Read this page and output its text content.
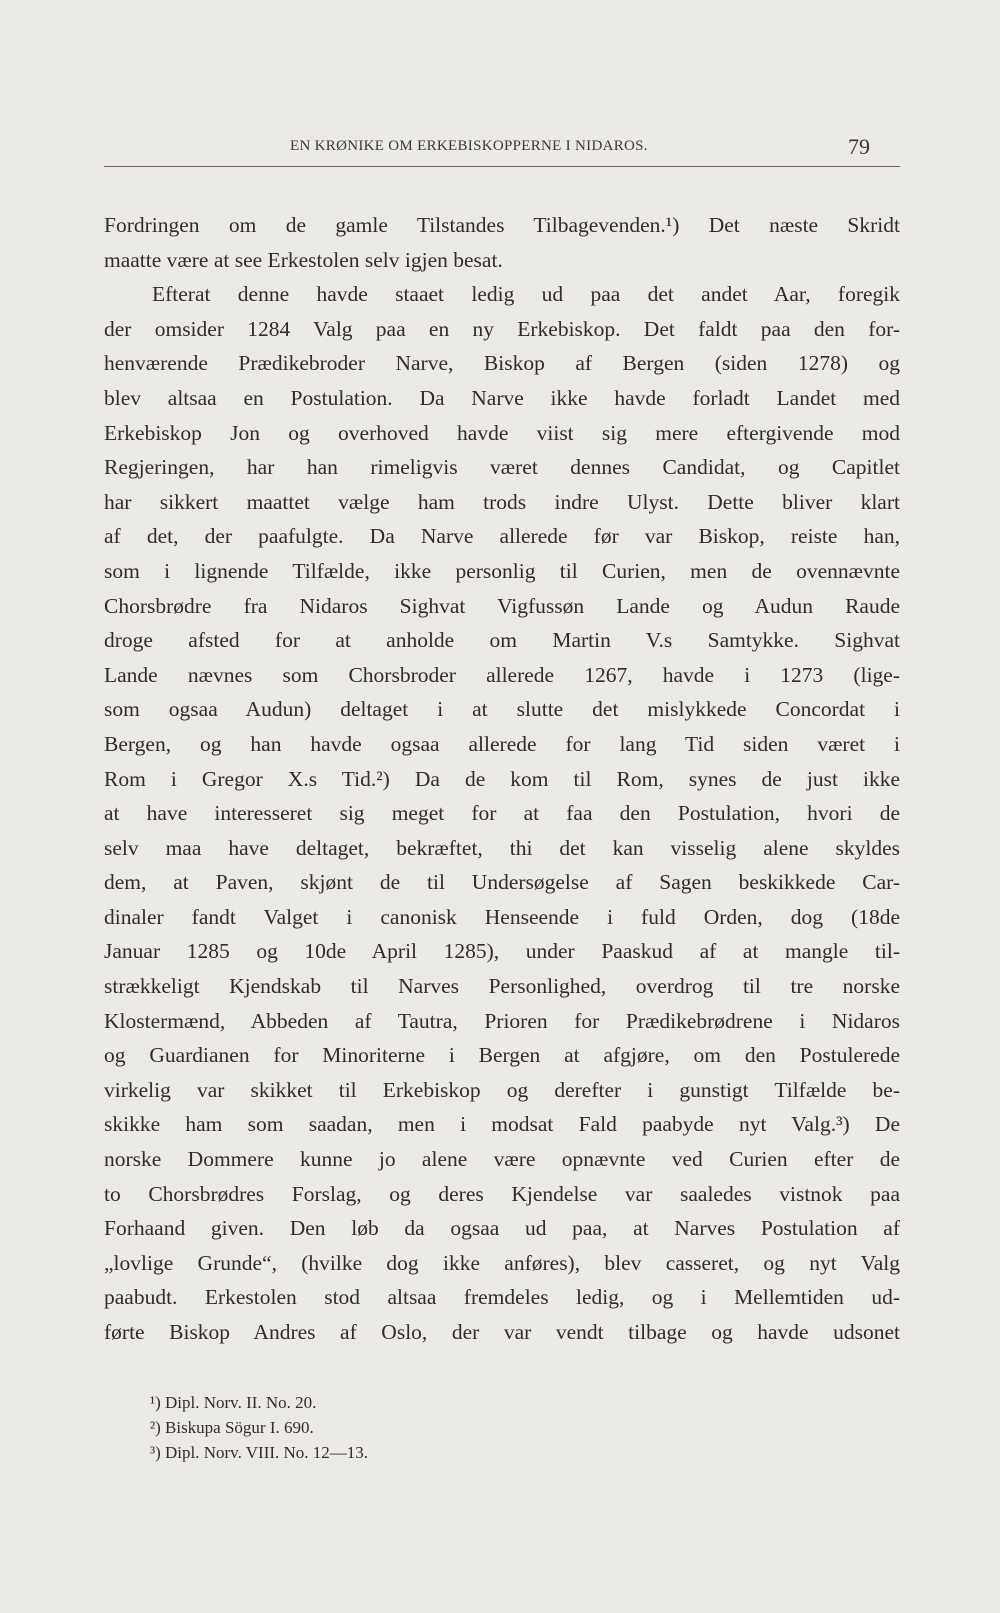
EN KRØNIKE OM ERKEBISKOPPERNE I NIDAROS.	79
Fordringen om de gamle Tilstandes Tilbagevenden.¹) Det næste Skridt
maatte være at see Erkestolen selv igjen besat.
Efterat denne havde staaet ledig ud paa det andet Aar, foregik
der omsider 1284 Valg paa en ny Erkebiskop. Det faldt paa den for-
henværende Prædikebroder Narve, Biskop af Bergen (siden 1278) og
blev altsaa en Postulation. Da Narve ikke havde forladt Landet med
Erkebiskop Jon og overhoved havde viist sig mere eftergivende mod
Regjeringen, har han rimeligvis været dennes Candidat, og Capitlet
har sikkert maattet vælge ham trods indre Ulyst. Dette bliver klart
af det, der paafulgte. Da Narve allerede før var Biskop, reiste han,
som i lignende Tilfælde, ikke personlig til Curien, men de ovennævnte
Chorsbrødre fra Nidaros Sighvat Vigfussøn Lande og Audun Raude
droge afsted for at anholde om Martin V.s Samtykke. Sighvat
Lande nævnes som Chorsbroder allerede 1267, havde i 1273 (lige-
som ogsaa Audun) deltaget i at slutte det mislykkede Concordat i
Bergen, og han havde ogsaa allerede for lang Tid siden været i
Rom i Gregor X.s Tid.²) Da de kom til Rom, synes de just ikke
at have interesseret sig meget for at faa den Postulation, hvori de
selv maa have deltaget, bekræftet, thi det kan visselig alene skyldes
dem, at Paven, skjønt de til Undersøgelse af Sagen beskikkede Car-
dinaler fandt Valget i canonisk Henseende i fuld Orden, dog (18de
Januar 1285 og 10de April 1285), under Paaskud af at mangle til-
strækkeligt Kjendskab til Narves Personlighed, overdrog til tre norske
Klostermænd, Abbeden af Tautra, Prioren for Prædikebrødrene i Nidaros
og Guardianen for Minoriterne i Bergen at afgjøre, om den Postulerede
virkelig var skikket til Erkebiskop og derefter i gunstigt Tilfælde be-
skikke ham som saadan, men i modsat Fald paabyde nyt Valg.³) De
norske Dommere kunne jo alene være opnævnte ved Curien efter de
to Chorsbrødres Forslag, og deres Kjendelse var saaledes vistnok paa
Forhaand given. Den løb da ogsaa ud paa, at Narves Postulation af
„lovlige Grunde“, (hvilke dog ikke anføres), blev casseret, og nyt Valg
paabudt. Erkestolen stod altsaa fremdeles ledig, og i Mellemtiden ud-
førte Biskop Andres af Oslo, der var vendt tilbage og havde udsonet
¹) Dipl. Norv. II. No. 20.
²) Biskupa Sögur I. 690.
³) Dipl. Norv. VIII. No. 12—13.
